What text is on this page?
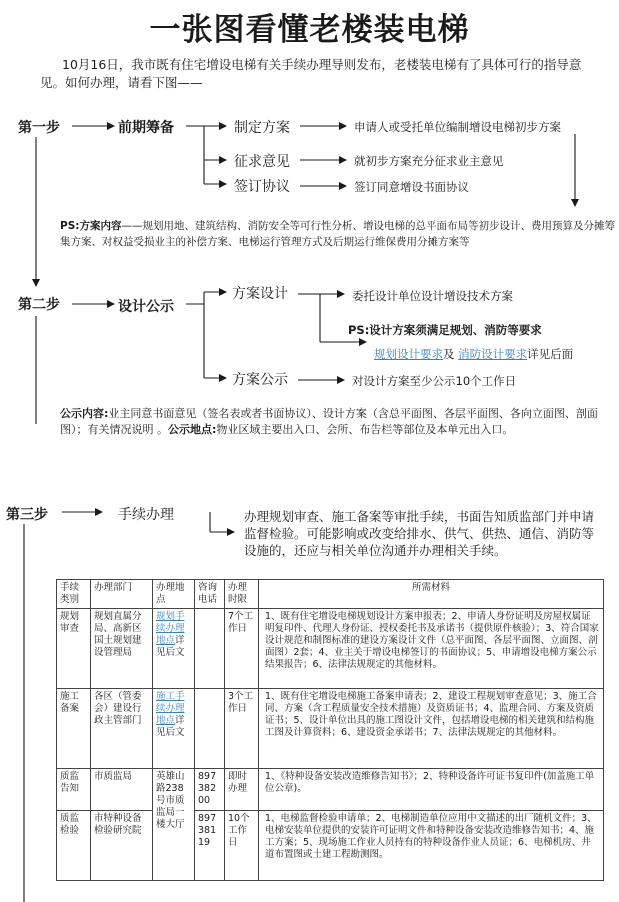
一张图看懂老楼装电梯
10月16日，我市既有住宅增设电梯有关手续办理导则发布，老楼装电梯有了具体可行的指导意见。如何办理，请看下图——
第一步	前期筹备	制定方案
征求意见
签订协议
申请人或受托单位编制增设电梯初步方案
就初步方案充分征求业主意见
签订同意增设书面协议
PS:方案内容——规划用地、建筑结构、消防安全等可行性分析、增设电梯的总平面布局等初步设计、费用预算及分摊筹集方案、对权益受损业主的补偿方案、电梯运行管理方式及后期运行维保费用分摊方案等
第二步	设计公示
方案设计
方案公示
委托设计单位设计增设技术方案
对设计方案至少公示10个工作日
PS:设计方案须满足规划、消防等要求
规划设计要求及 消防设计要求详见后面
公示内容:业主同意书面意见（签名表或者书面协议）、设计方案（含总平面图、各层平面图、各向立面图、剖面图）；有关情况说明 。公示地点:物业区域主要出入口、会所、布告栏等部位及本单元出入口。
第三步	手续办理	办理规划审查、施工备案等审批手续，书面告知质监部门并申请监督检验。可能影响或改变给排水、供气、供热、通信、消防等设施的，还应与相关单位沟通并办理相关手续。
手续类别	办理部门	办理地点	咨询电话	办理时限	所需材料
规划审查	规划直属分局、高新区国土规划建设管理局	规划手续办理地点详见后文		7个工作日	1、既有住宅增设电梯规划设计方案申报表；2、申请人身份证明及房屋权属证明复印件、代理人身份证、授权委托书及承诺书（提供原件核验）；3、符合国家设计规范和制图标准的建设方案设计文件（总平面图、各层平面图、立面图、剖面图）2套；4、业主关于增设电梯签订的书面协议；5、申请增设电梯方案公示结果报告；6、法律法规规定的其他材料。
施工备案	各区（管委会）建设行政主管部门	施工手续办理地点详见后文		3个工作日	1、既有住宅增设电梯施工备案申请表；2、建设工程规划审查意见；3、施工合同、方案（含工程质量安全技术措施）及资质证书；4、监理合同、方案及资质证书；5、设计单位出具的施工图设计文件，包括增设电梯的相关建筑和结构施工图及计算资料；6、建设资金承诺书；7、法律法规规定的其他材料。
质监告知	市质监局	英雄山路238号市质监局一楼大厅	89738200	即时办理	1、《特种设备安装改造维修告知书》；2、特种设备许可证书复印件(加盖施工单位公章)。
质监检验	市特种设备检验研究院		89738119	10个工作日	1、电梯监督检验申请单；2、电梯制造单位应用中文描述的出厂随机文件；3、电梯安装单位提供的安装许可证明文件和特种设备安装改造维修告知书；4、施工方案；5、现场施工作业人员持有的特种设备作业人员证；6、电梯机房、井道布置图或土建工程勘测图。
